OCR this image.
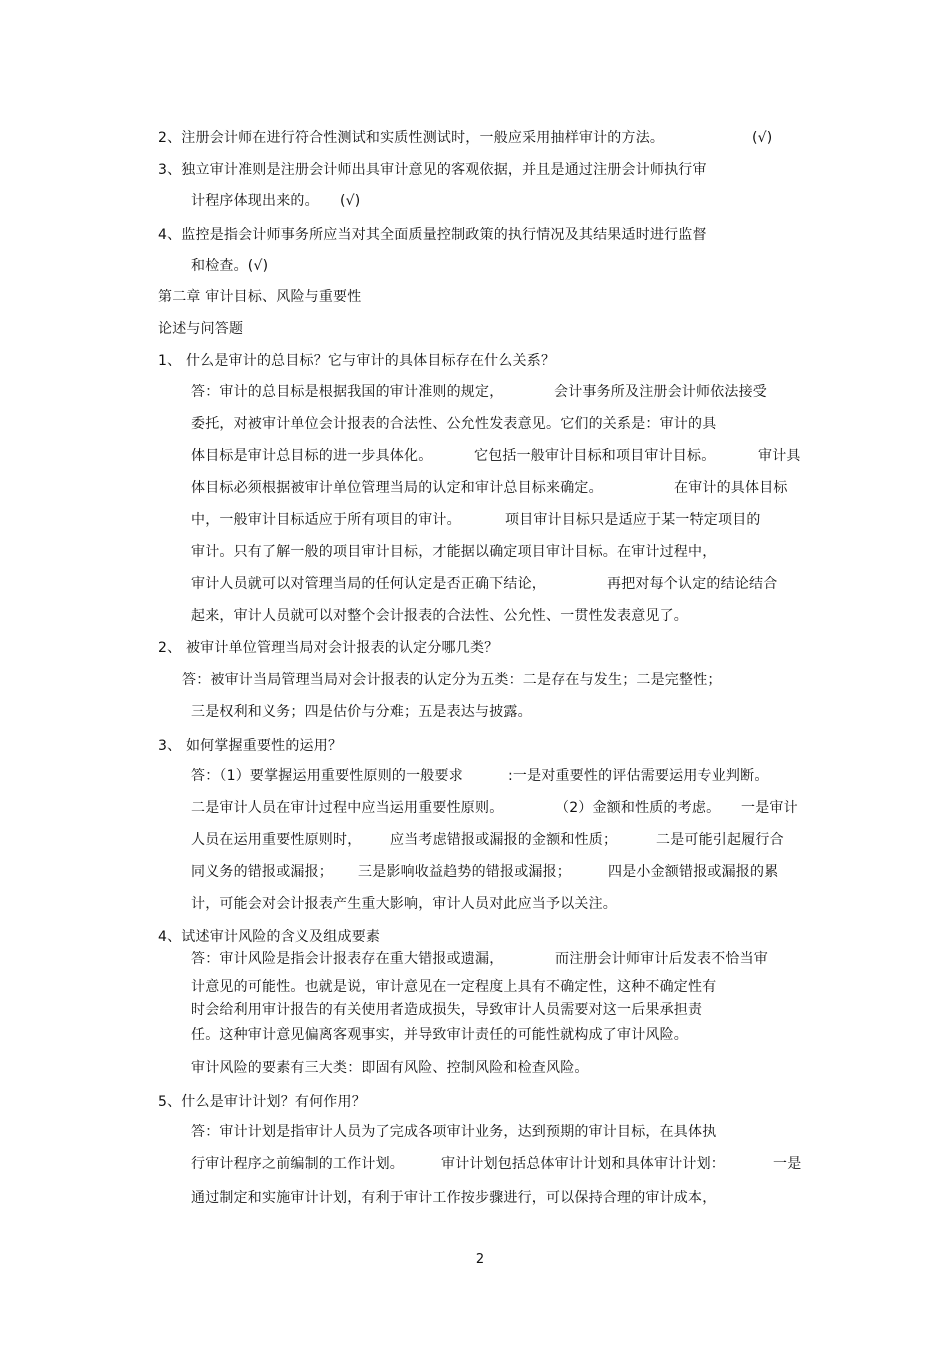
2、注册会计师在进行符合性测试和实质性测试时，一般应采用抽样审计的方法。	(√)
3、独立审计准则是注册会计师出具审计意见的客观依据，并且是通过注册会计师执行审
计程序体现出来的。 (√)
4、监控是指会计师事务所应当对其全面质量控制政策的执行情况及其结果适时进行监督
和检查。(√)
第二章 审计目标、风险与重要性
论述与问答题
1、 什么是审计的总目标？它与审计的具体目标存在什么关系？
答：审计的总目标是根据我国的审计准则的规定，	会计事务所及注册会计师依法接受
委托，对被审计单位会计报表的合法性、公允性发表意见。它们的关系是：审计的具
体目标是审计总目标的进一步具体化。	它包括一般审计目标和项目审计目标。	审计具
体目标必须根据被审计单位管理当局的认定和审计总目标来确定。	在审计的具体目标
中，一般审计目标适应于所有项目的审计。	项目审计目标只是适应于某一特定项目的
审计。只有了解一般的项目审计目标，才能据以确定项目审计目标。在审计过程中，
审计人员就可以对管理当局的任何认定是否正确下结论，	再把对每个认定的结论结合
起来，审计人员就可以对整个会计报表的合法性、公允性、一贯性发表意见了。
2、 被审计单位管理当局对会计报表的认定分哪几类？
答：被审计当局管理当局对会计报表的认定分为五类：二是存在与发生；二是完整性；
三是权利和义务；四是估价与分难；五是表达与披露。
3、 如何掌握重要性的运用？
答：（1）要掌握运用重要性原则的一般要求	:一是对重要性的评估需要运用专业判断。
二是审计人员在审计过程中应当运用重要性原则。	（2）金额和性质的考虑。 一是审计
人员在运用重要性原则时， 应当考虑错报或漏报的金额和性质；	二是可能引起履行合
同义务的错报或漏报； 三是影响收益趋势的错报或漏报；	四是小金额错报或漏报的累
计，可能会对会计报表产生重大影响，审计人员对此应当予以关注。
4、试述审计风险的含义及组成要素
答：审计风险是指会计报表存在重大错报或遗漏，	而注册会计师审计后发表不恰当审
计意见的可能性。也就是说，审计意见在一定程度上具有不确定性，这种不确定性有
时会给利用审计报告的有关使用者造成损失，导致审计人员需要对这一后果承担责
任。这种审计意见偏离客观事实，并导致审计责任的可能性就构成了审计风险。
审计风险的要素有三大类：即固有风险、控制风险和检查风险。
5、什么是审计计划？有何作用？
答：审计计划是指审计人员为了完成各项审计业务，达到预期的审计目标，在具体执
行审计程序之前编制的工作计划。	审计计划包括总体审计计划和具体审计计划：	一是
通过制定和实施审计计划，有利于审计工作按步骤进行，可以保持合理的审计成本，
2
